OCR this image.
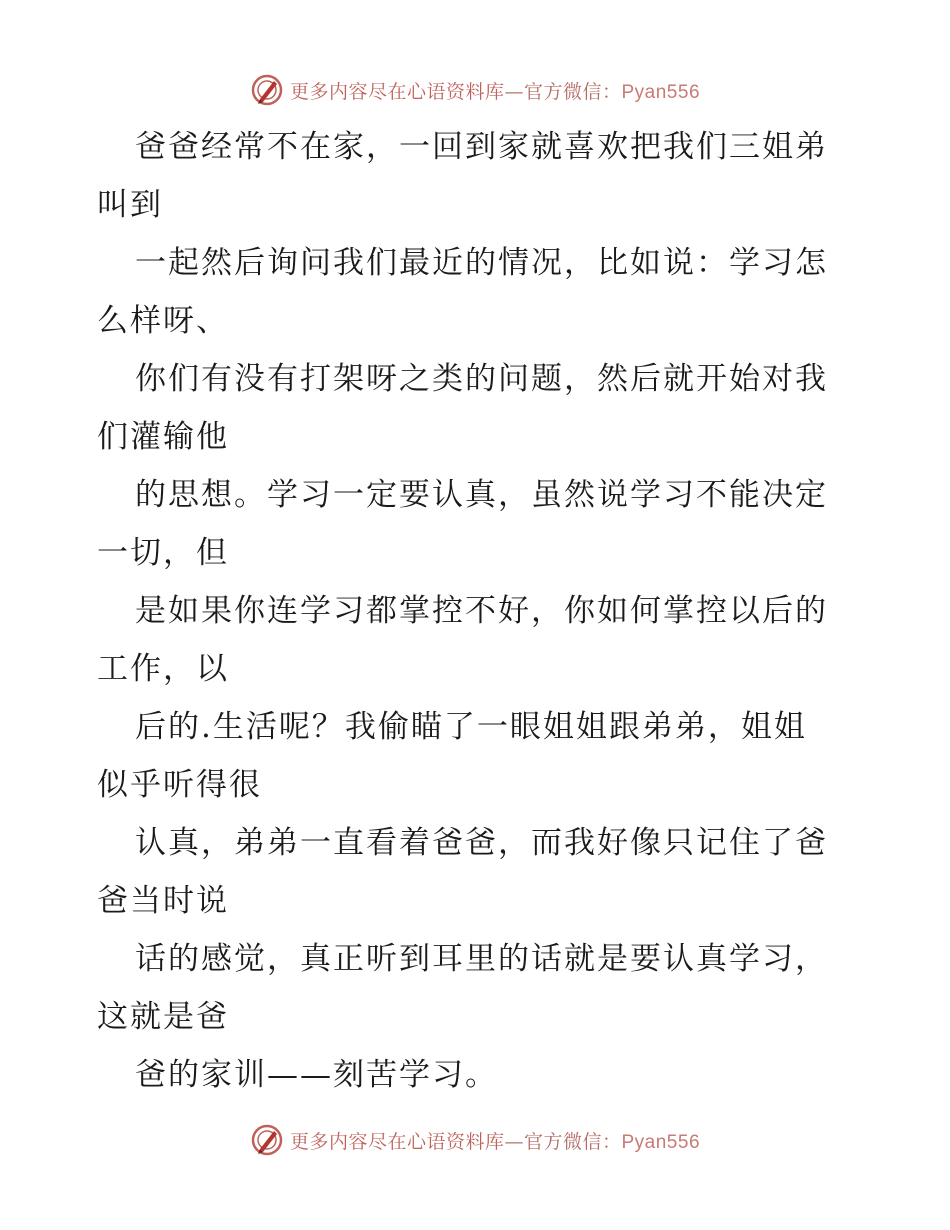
更多内容尽在心语资料库—官方微信：Pyan556
爸爸经常不在家，一回到家就喜欢把我们三姐弟
叫到
一起然后询问我们最近的情况，比如说：学习怎
么样呀、
你们有没有打架呀之类的问题，然后就开始对我
们灌输他
的思想。学习一定要认真，虽然说学习不能决定
一切，但
是如果你连学习都掌控不好，你如何掌控以后的
工作，以
后的.生活呢？我偷瞄了一眼姐姐跟弟弟，姐姐
似乎听得很
认真，弟弟一直看着爸爸，而我好像只记住了爸
爸当时说
话的感觉，真正听到耳里的话就是要认真学习，
这就是爸
爸的家训——刻苦学习。
更多内容尽在心语资料库—官方微信：Pyan556
